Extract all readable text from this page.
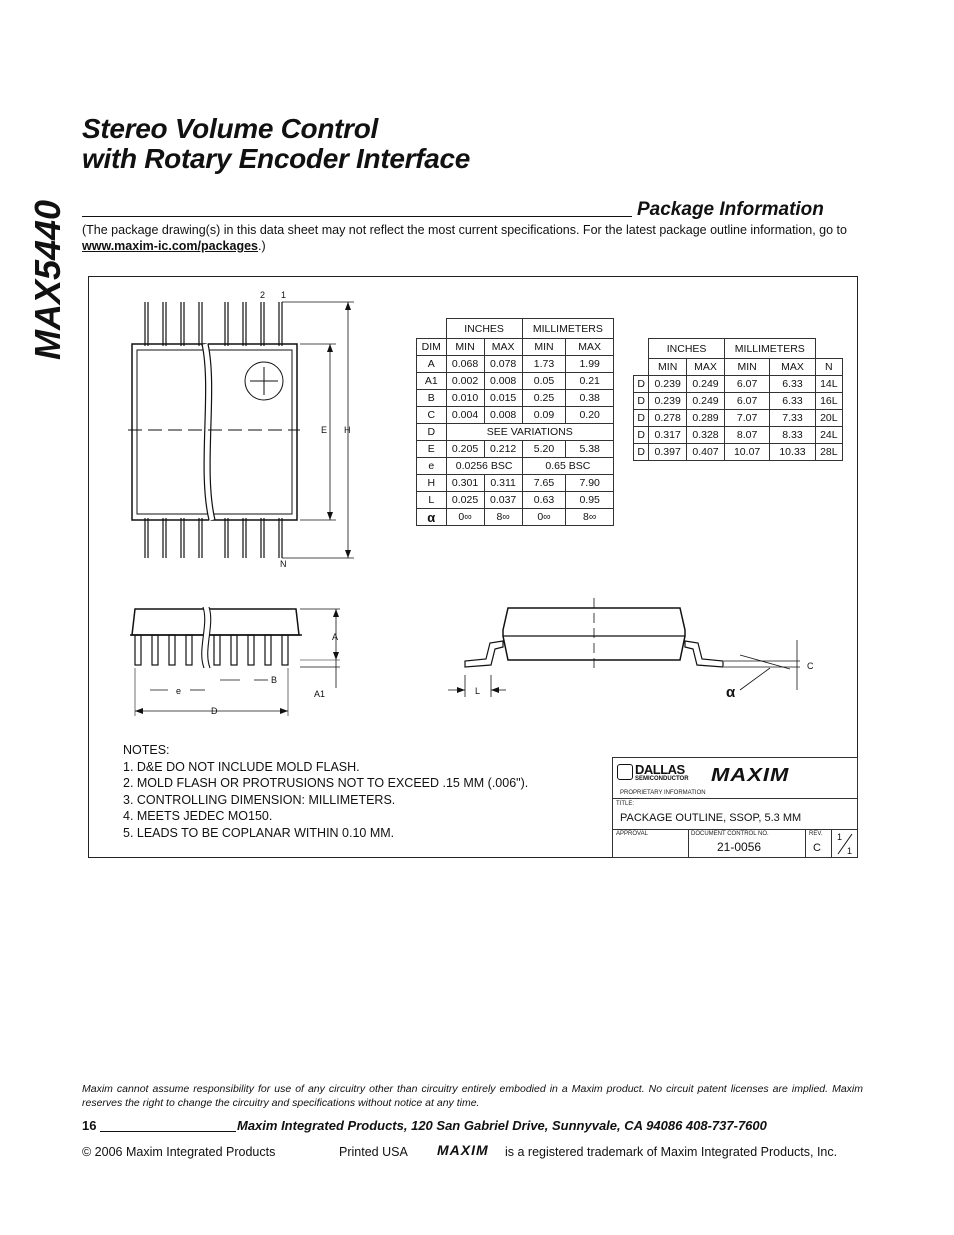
MAX5440
Stereo Volume Control
with Rotary Encoder Interface
Package Information
(The package drawing(s) in this data sheet may not reflect the most current specifications. For the latest package outline information, go to www.maxim-ic.com/packages.)
2 1
N
E H
A
A1
B
e
D
L
C
α
	INCHES		MILLIMETERS	
DIM	MIN	MAX	MIN	MAX
A	0.068	0.078	1.73	1.99
A1	0.002	0.008	0.05	0.21
B	0.010	0.015	0.25	0.38
C	0.004	0.008	0.09	0.20
D	SEE VARIATIONS			
E	0.205	0.212	5.20	5.38
e	0.0256 BSC		0.65 BSC	
H	0.301	0.311	7.65	7.90
L	0.025	0.037	0.63	0.95
α	0∞	8∞	0∞	8∞
	INCHES		MILLIMETERS		
	MIN	MAX	MIN	MAX	N
D	0.239	0.249	6.07	6.33	14L
D	0.239	0.249	6.07	6.33	16L
D	0.278	0.289	7.07	7.33	20L
D	0.317	0.328	8.07	8.33	24L
D	0.397	0.407	10.07	10.33	28L
NOTES:
1. D&E DO NOT INCLUDE MOLD FLASH.
2. MOLD FLASH OR PROTRUSIONS NOT TO EXCEED .15 MM (.006").
3. CONTROLLING DIMENSION: MILLIMETERS.
4. MEETS JEDEC MO150.
5. LEADS TO BE COPLANAR WITHIN 0.10 MM.
DALLAS
SEMICONDUCTOR MAXIM
PROPRIETARY INFORMATION
TITLE:
PACKAGE OUTLINE, SSOP, 5.3 MM
APPROVAL	DOCUMENT CONTROL NO.	REV.
21-0056	C
1
1
Maxim cannot assume responsibility for use of any circuitry other than circuitry entirely embodied in a Maxim product. No circuit patent licenses are implied. Maxim reserves the right to change the circuitry and specifications without notice at any time.
16	Maxim Integrated Products, 120 San Gabriel Drive, Sunnyvale, CA 94086 408-737-7600
© 2006 Maxim Integrated Products	Printed USA MAXIM is a registered trademark of Maxim Integrated Products, Inc.
